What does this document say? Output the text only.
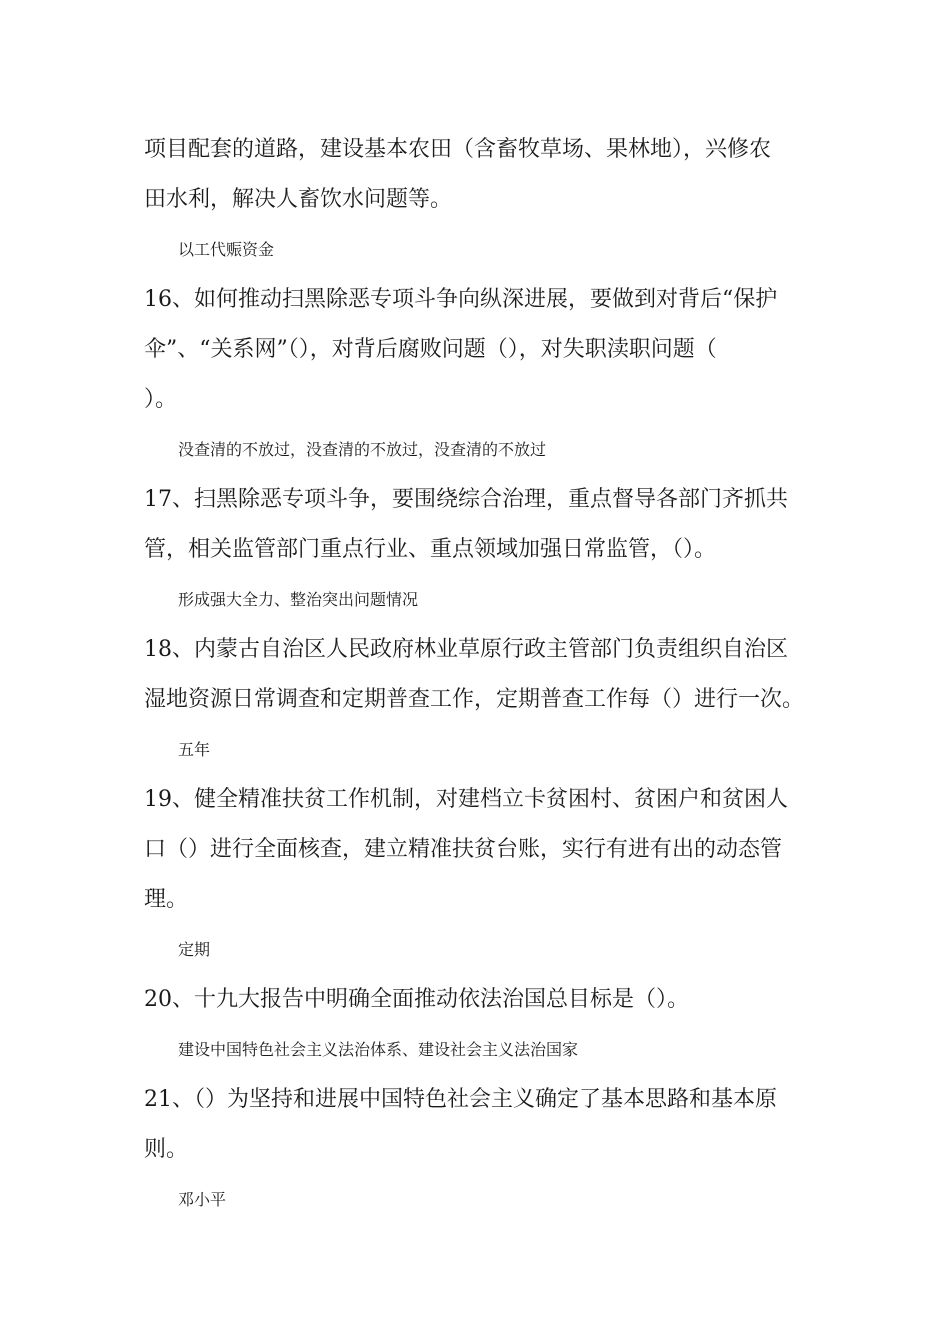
项目配套的道路，建设基本农田（含畜牧草场、果林地），兴修农
田水利，解决人畜饮水问题等。
以工代赈资金
16、如何推动扫黑除恶专项斗争向纵深进展，要做到对背后“保护
伞”、“关系网”（），对背后腐败问题（），对失职渎职问题（
）。
没查清的不放过，没查清的不放过，没查清的不放过
17、扫黑除恶专项斗争，要围绕综合治理，重点督导各部门齐抓共
管，相关监管部门重点行业、重点领域加强日常监管，（）。
形成强大全力、整治突出问题情况
18、内蒙古自治区人民政府林业草原行政主管部门负责组织自治区
湿地资源日常调查和定期普查工作，定期普查工作每（）进行一次。
五年
19、健全精准扶贫工作机制，对建档立卡贫困村、贫困户和贫困人
口（）进行全面核查，建立精准扶贫台账，实行有进有出的动态管
理。
定期
20、十九大报告中明确全面推动依法治国总目标是（）。
建设中国特色社会主义法治体系、建设社会主义法治国家
21、（）为坚持和进展中国特色社会主义确定了基本思路和基本原
则。
邓小平
